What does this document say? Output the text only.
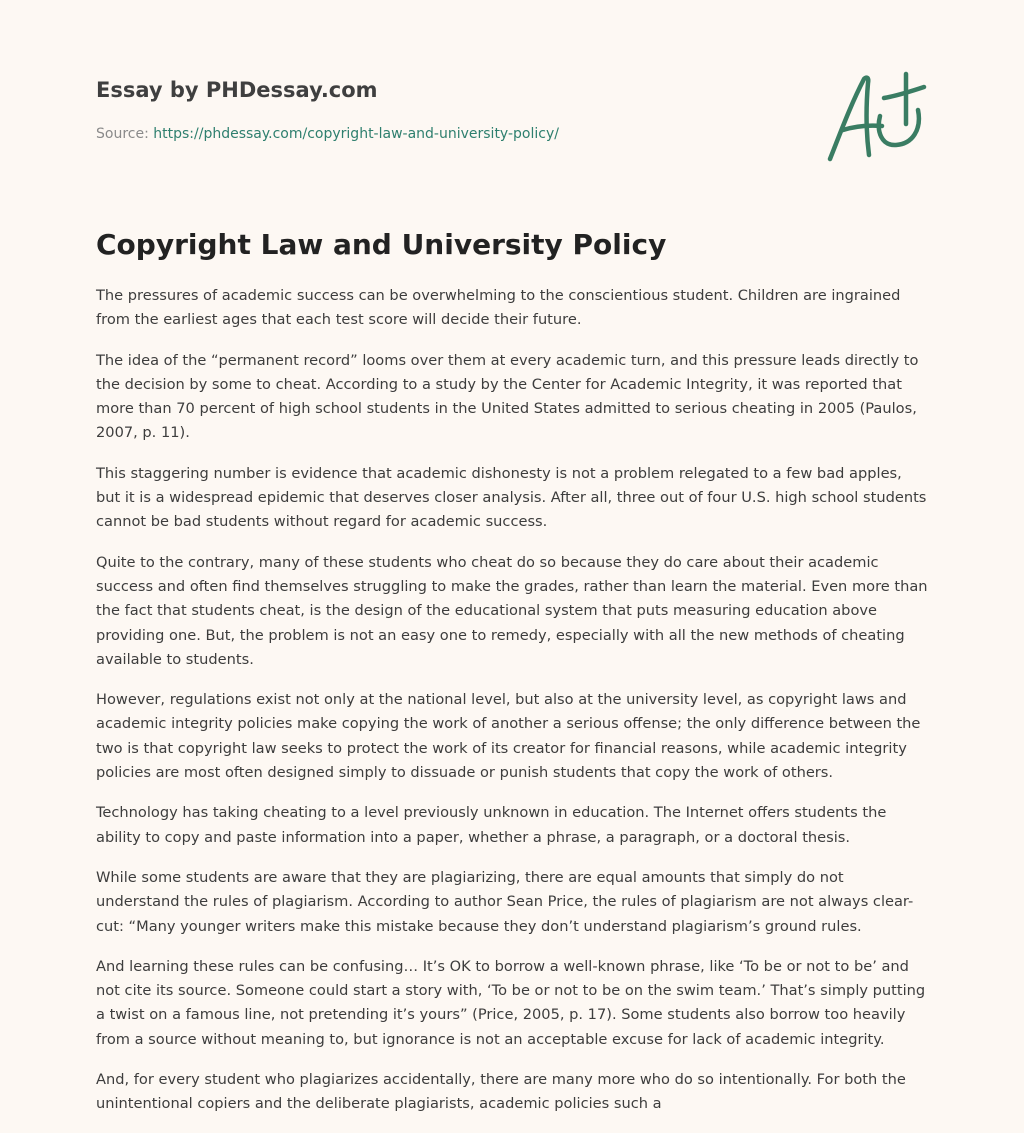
Essay by PHDessay.com
Source: https://phdessay.com/copyright-law-and-university-policy/
Copyright Law and University Policy

The pressures of academic success can be overwhelming to the conscientious student. Children are ingrained from the earliest ages that each test score will decide their future.

The idea of the “permanent record” looms over them at every academic turn, and this pressure leads directly to the decision by some to cheat. According to a study by the Center for Academic Integrity, it was reported that more than 70 percent of high school students in the United States admitted to serious cheating in 2005 (Paulos, 2007, p. 11).

This staggering number is evidence that academic dishonesty is not a problem relegated to a few bad apples, but it is a widespread epidemic that deserves closer analysis. After all, three out of four U.S. high school students cannot be bad students without regard for academic success.

Quite to the contrary, many of these students who cheat do so because they do care about their academic success and often find themselves struggling to make the grades, rather than learn the material. Even more than the fact that students cheat, is the design of the educational system that puts measuring education above providing one. But, the problem is not an easy one to remedy, especially with all the new methods of cheating available to students.

However, regulations exist not only at the national level, but also at the university level, as copyright laws and academic integrity policies make copying the work of another a serious offense; the only difference between the two is that copyright law seeks to protect the work of its creator for financial reasons, while academic integrity policies are most often designed simply to dissuade or punish students that copy the work of others.

Technology has taking cheating to a level previously unknown in education. The Internet offers students the ability to copy and paste information into a paper, whether a phrase, a paragraph, or a doctoral thesis.

While some students are aware that they are plagiarizing, there are equal amounts that simply do not understand the rules of plagiarism. According to author Sean Price, the rules of plagiarism are not always clear-cut: “Many younger writers make this mistake because they don’t understand plagiarism’s ground rules.

And learning these rules can be confusing… It’s OK to borrow a well-known phrase, like ‘To be or not to be’ and not cite its source. Someone could start a story with, ‘To be or not to be on the swim team.’ That’s simply putting a twist on a famous line, not pretending it’s yours” (Price, 2005, p. 17). Some students also borrow too heavily from a source without meaning to, but ignorance is not an acceptable excuse for lack of academic integrity.

And, for every student who plagiarizes accidentally, there are many more who do so intentionally. For both the unintentional copiers and the deliberate plagiarists, academic policies such a
